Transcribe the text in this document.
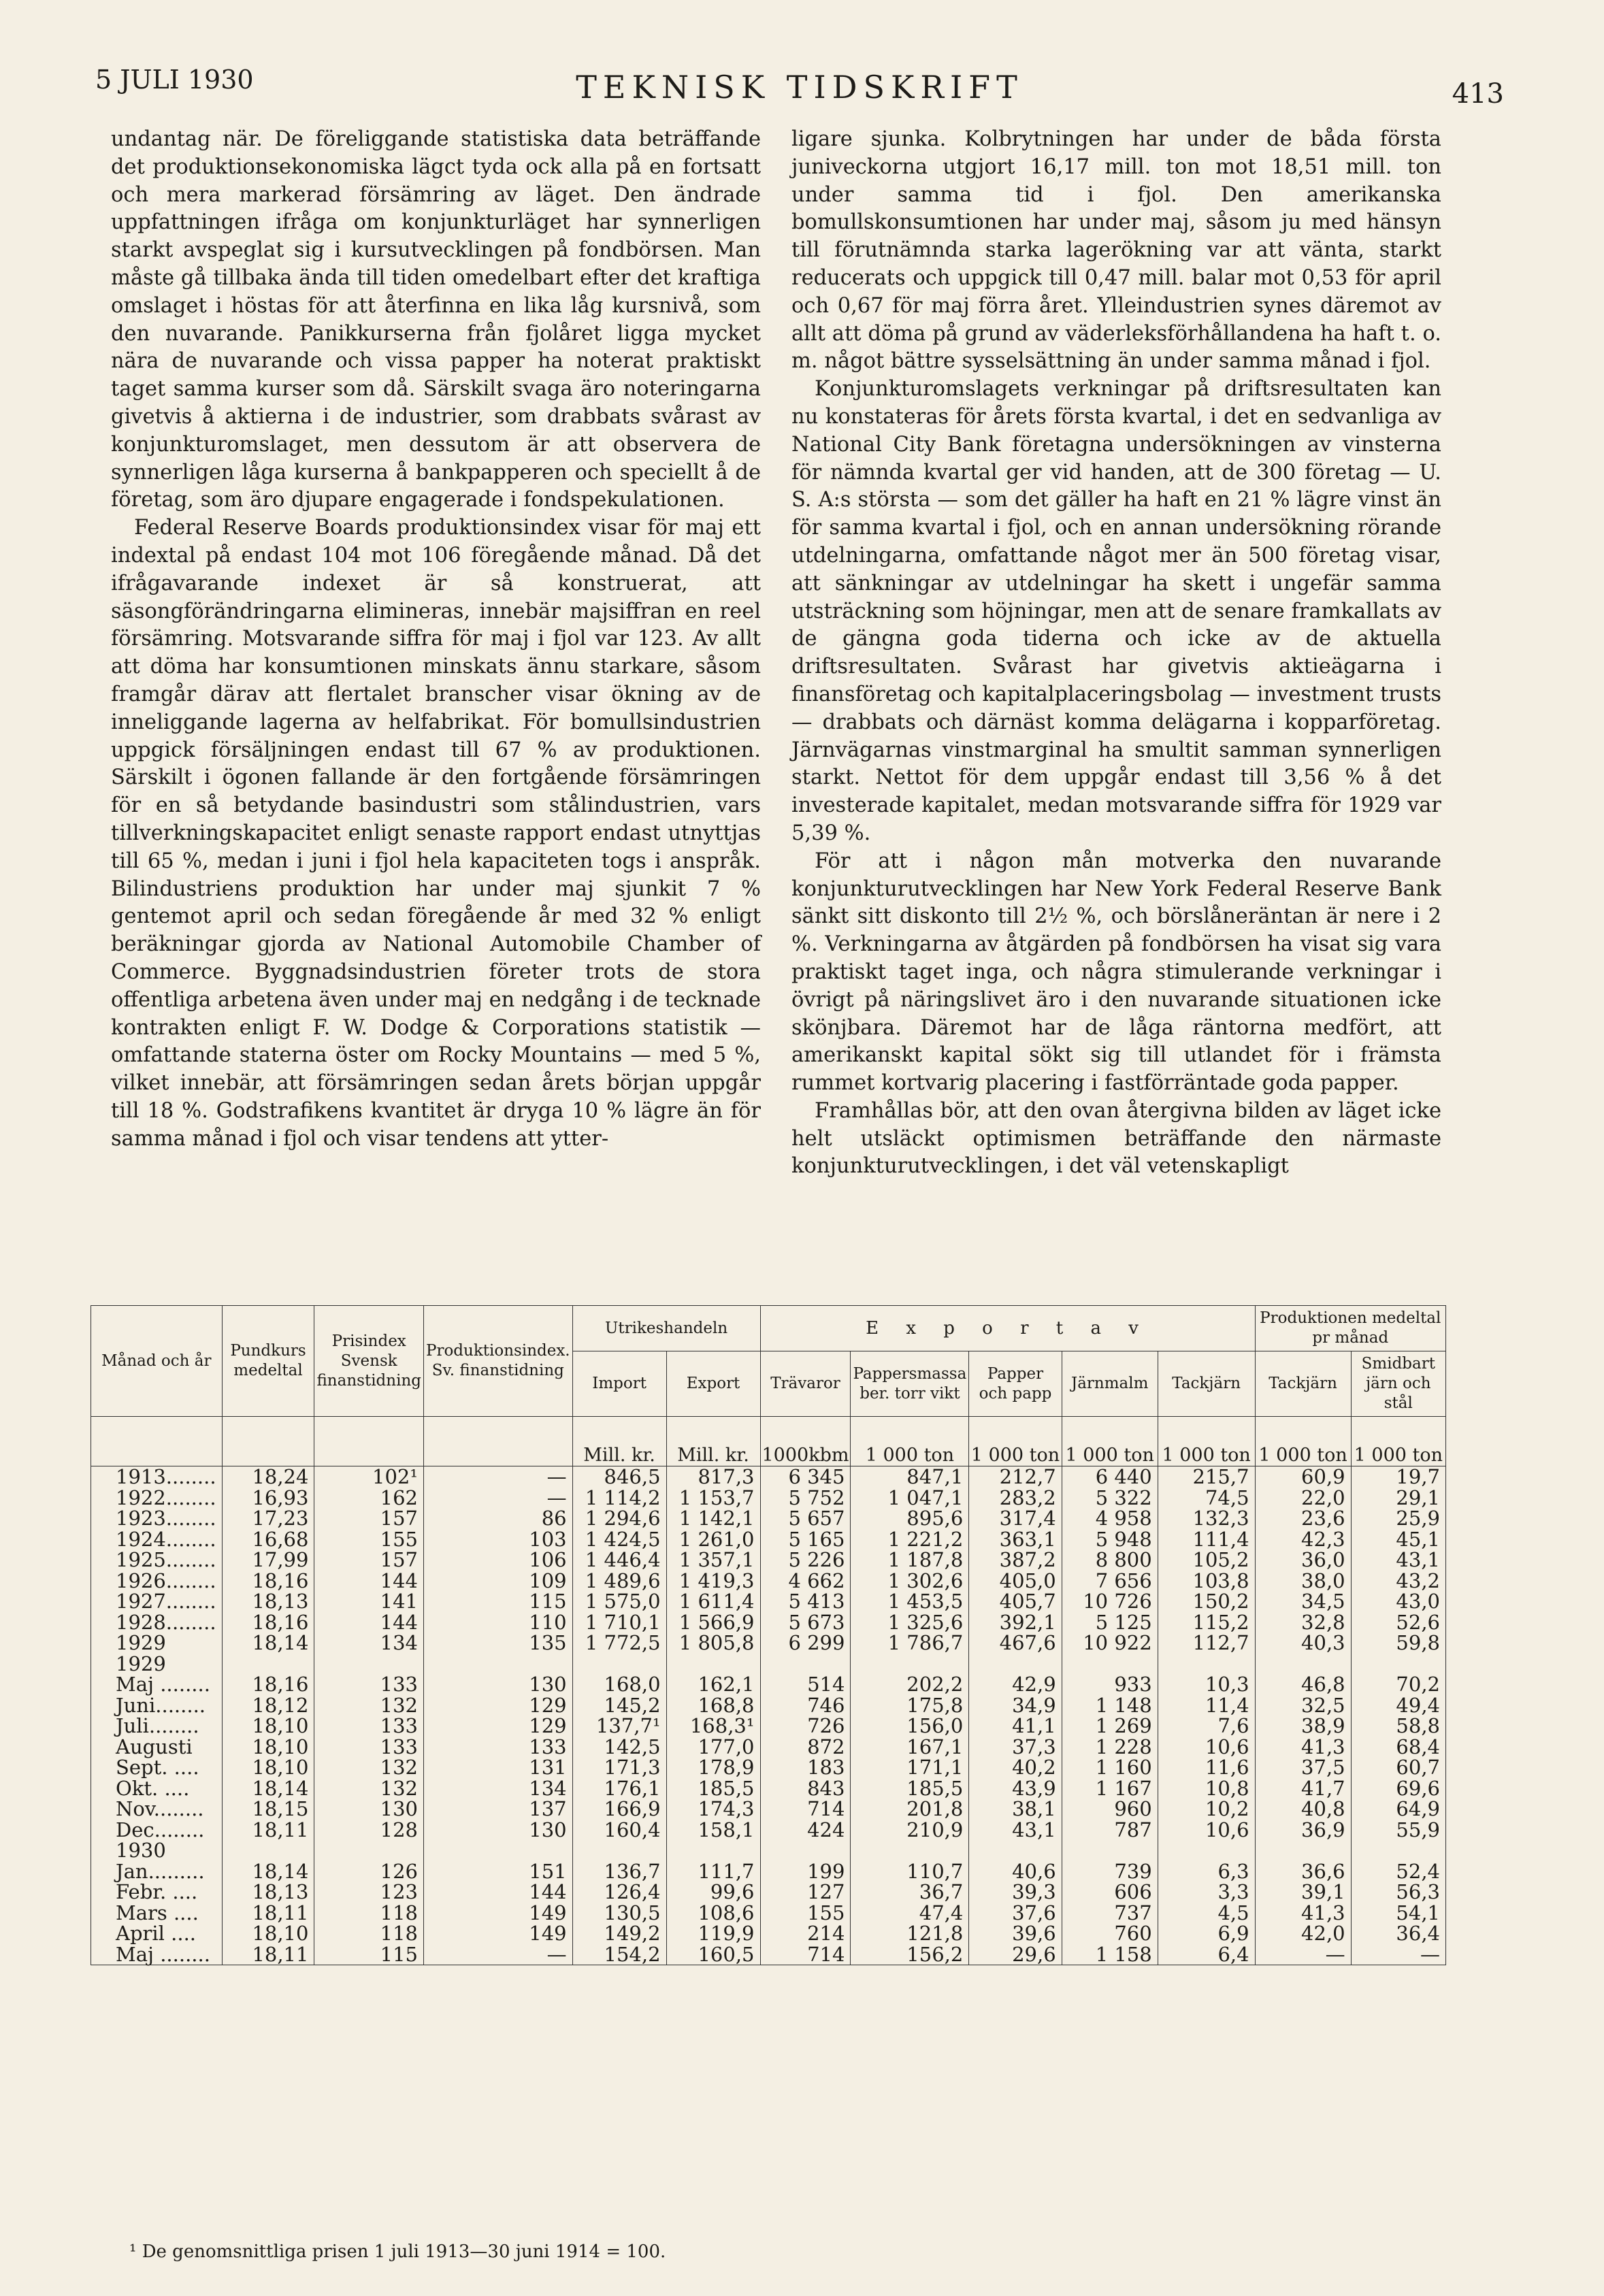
5 JULI 1930	TEKNISK TIDSKRIFT	413

undantag när. De föreliggande statistiska data beträffande det produktionsekonomiska lägct tyda ock alla på en fortsatt och mera markerad försämring av läget. Den ändrade uppfattningen ifråga om konjunkturläget har synnerligen starkt avspeglat sig i kursutvecklingen på fondbörsen. Man måste gå tillbaka ända till tiden omedelbart efter det kraftiga omslaget i höstas för att återfinna en lika låg kursnivå, som den nuvarande. Panikkurserna från fjolåret ligga mycket nära de nuvarande och vissa papper ha noterat praktiskt taget samma kurser som då. Särskilt svaga äro noteringarna givetvis å aktierna i de industrier, som drabbats svårast av konjunkturomslaget, men dessutom är att observera de synnerligen låga kurserna å bankpapperen och speciellt å de företag, som äro djupare engagerade i fondspekulationen.

Federal Reserve Boards produktionsindex visar för maj ett indextal på endast 104 mot 106 föregående månad. Då det ifrågavarande indexet är så konstruerat, att säsongförändringarna elimineras, innebär majsiffran en reel försämring. Motsvarande siffra för maj i fjol var 123. Av allt att döma har konsumtionen minskats ännu starkare, såsom framgår därav att flertalet branscher visar ökning av de inneliggande lagerna av helfabrikat. För bomullsindustrien uppgick försäljningen endast till 67 % av produktionen. Särskilt i ögonen fallande är den fortgående försämringen för en så betydande basindustri som stålindustrien, vars tillverkningskapacitet enligt senaste rapport endast utnyttjas till 65 %, medan i juni i fjol hela kapaciteten togs i anspråk. Bilindustriens produktion har under maj sjunkit 7 % gentemot april och sedan föregående år med 32 % enligt beräkningar gjorda av National Automobile Chamber of Commerce. Byggnadsindustrien företer trots de stora offentliga arbetena även under maj en nedgång i de tecknade kontrakten enligt F. W. Dodge & Corporations statistik — omfattande staterna öster om Rocky Mountains — med 5 %, vilket innebär, att försämringen sedan årets början uppgår till 18 %. Godstrafikens kvantitet är dryga 10 % lägre än för samma månad i fjol och visar tendens att ytter-

ligare sjunka. Kolbrytningen har under de båda första juniveckorna utgjort 16,17 mill. ton mot 18,51 mill. ton under samma tid i fjol. Den amerikanska bomullskonsumtionen har under maj, såsom ju med hänsyn till förutnämnda starka lagerökning var att vänta, starkt reducerats och uppgick till 0,47 mill. balar mot 0,53 för april och 0,67 för maj förra året. Ylleindustrien synes däremot av allt att döma på grund av väderleksförhållandena ha haft t. o. m. något bättre sysselsättning än under samma månad i fjol.

Konjunkturomslagets verkningar på driftsresultaten kan nu konstateras för årets första kvartal, i det en sedvanliga av National City Bank företagna undersökningen av vinsterna för nämnda kvartal ger vid handen, att de 300 företag — U. S. A:s största — som det gäller ha haft en 21 % lägre vinst än för samma kvartal i fjol, och en annan undersökning rörande utdelningarna, omfattande något mer än 500 företag visar, att sänkningar av utdelningar ha skett i ungefär samma utsträckning som höjningar, men att de senare framkallats av de gängna goda tiderna och icke av de aktuella driftsresultaten. Svårast har givetvis aktieägarna i finansföretag och kapitalplaceringsbolag — investment trusts — drabbats och därnäst komma delägarna i kopparföretag. Järnvägarnas vinstmarginal ha smultit samman synnerligen starkt. Nettot för dem uppgår endast till 3,56 % å det investerade kapitalet, medan motsvarande siffra för 1929 var 5,39 %.

För att i någon mån motverka den nuvarande konjunkturutvecklingen har New York Federal Reserve Bank sänkt sitt diskonto till 2½ %, och börslåneräntan är nere i 2 %. Verkningarna av åtgärden på fondbörsen ha visat sig vara praktiskt taget inga, och några stimulerande verkningar i övrigt på näringslivet äro i den nuvarande situationen icke skönjbara. Däremot har de låga räntorna medfört, att amerikanskt kapital sökt sig till utlandet för i främsta rummet kortvarig placering i fastförräntade goda papper.

Framhållas bör, att den ovan återgivna bilden av läget icke helt utsläckt optimismen beträffande den närmaste konjunkturutvecklingen, i det väl vetenskapligt

Månad och år	Pundkurs medeltal	Prisindex Svensk finanstidning	Produktionsindex. Sv. finanstidning	Utrikeshandeln		E x p o r t a v					Produktionen medeltal pr månad	
				Import	Export	Trävaror	Pappersmassa ber. torr vikt	Papper och papp	Järnmalm	Tackjärn	Tackjärn	Smidbart järn och stål
				Mill. kr.	Mill. kr.	1000kbm	1 000 ton	1 000 ton	1 000 ton	1 000 ton	1 000 ton	1 000 ton
1913........	18,24	102¹	—	846,5	817,3	6 345	847,1	212,7	6 440	215,7	60,9	19,7
1922........	16,93	162	—	1 114,2	1 153,7	5 752	1 047,1	283,2	5 322	74,5	22,0	29,1
1923........	17,23	157	86	1 294,6	1 142,1	5 657	895,6	317,4	4 958	132,3	23,6	25,9
1924........	16,68	155	103	1 424,5	1 261,0	5 165	1 221,2	363,1	5 948	111,4	42,3	45,1
1925........	17,99	157	106	1 446,4	1 357,1	5 226	1 187,8	387,2	8 800	105,2	36,0	43,1
1926........	18,16	144	109	1 489,6	1 419,3	4 662	1 302,6	405,0	7 656	103,8	38,0	43,2
1927........	18,13	141	115	1 575,0	1 611,4	5 413	1 453,5	405,7	10 726	150,2	34,5	43,0
1928........	18,16	144	110	1 710,1	1 566,9	5 673	1 325,6	392,1	5 125	115,2	32,8	52,6
1929	18,14	134	135	1 772,5	1 805,8	6 299	1 786,7	467,6	10 922	112,7	40,3	59,8
1929												
Maj ........	18,16	133	130	168,0	162,1	514	202,2	42,9	933	10,3	46,8	70,2
Juni........	18,12	132	129	145,2	168,8	746	175,8	34,9	1 148	11,4	32,5	49,4
Juli........	18,10	133	129	137,7¹	168,3¹	726	156,0	41,1	1 269	7,6	38,9	58,8
Augusti	18,10	133	133	142,5	177,0	872	167,1	37,3	1 228	10,6	41,3	68,4
Sept. ....	18,10	132	131	171,3	178,9	183	171,1	40,2	1 160	11,6	37,5	60,7
Okt. ....	18,14	132	134	176,1	185,5	843	185,5	43,9	1 167	10,8	41,7	69,6
Nov........	18,15	130	137	166,9	174,3	714	201,8	38,1	960	10,2	40,8	64,9
Dec........	18,11	128	130	160,4	158,1	424	210,9	43,1	787	10,6	36,9	55,9
1930												
Jan.........	18,14	126	151	136,7	111,7	199	110,7	40,6	739	6,3	36,6	52,4
Febr. ....	18,13	123	144	126,4	99,6	127	36,7	39,3	606	3,3	39,1	56,3
Mars ....	18,11	118	149	130,5	108,6	155	47,4	37,6	737	4,5	41,3	54,1
April ....	18,10	118	149	149,2	119,9	214	121,8	39,6	760	6,9	42,0	36,4
Maj ........	18,11	115	—	154,2	160,5	714	156,2	29,6	1 158	6,4	—	—
¹ De genomsnittliga prisen 1 juli 1913—30 juni 1914 = 100.
